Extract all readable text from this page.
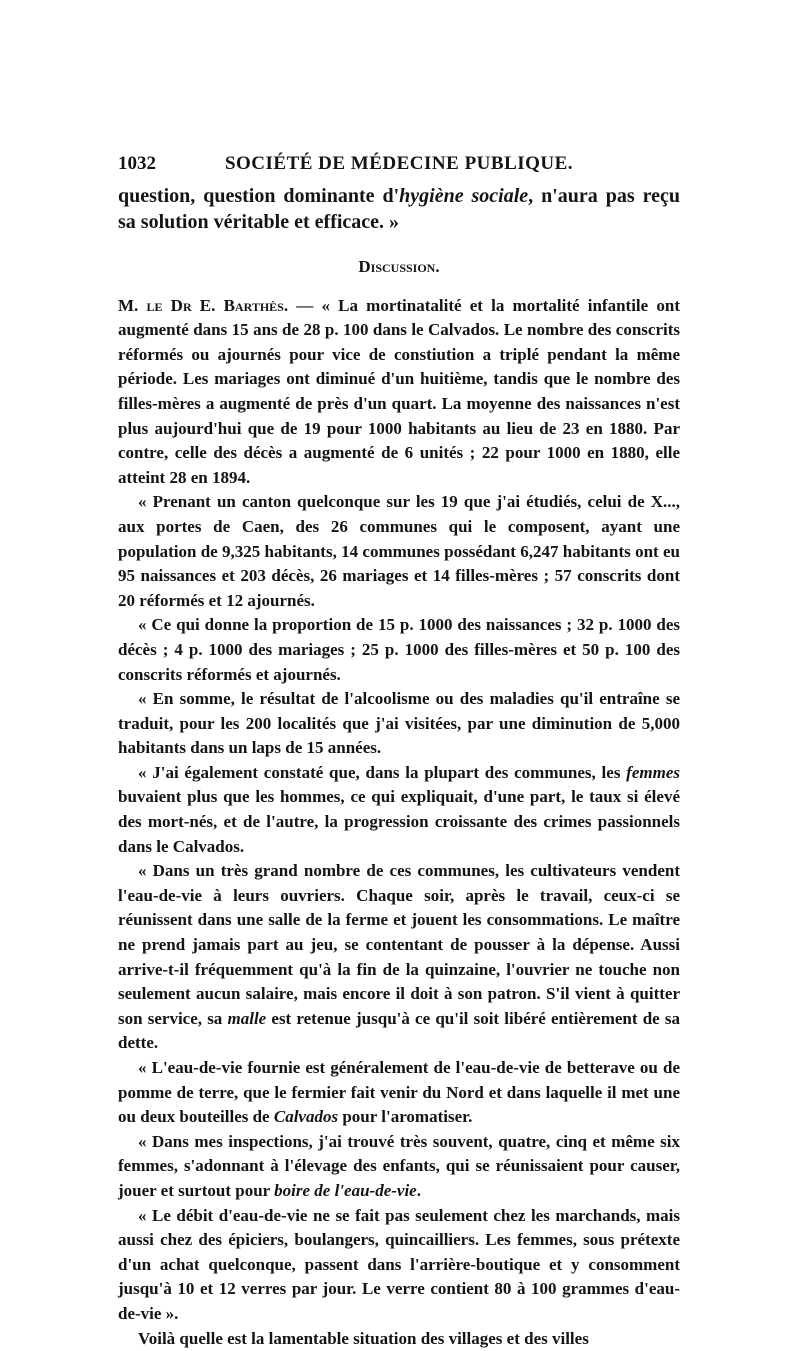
1032	SOCIÉTÉ DE MÉDECINE PUBLIQUE.

question, question dominante d'hygiène sociale, n'aura pas reçu sa solution véritable et efficace. »

Discussion.

M. le Dr E. Barthès. — « La mortinatalité et la mortalité infantile ont augmenté dans 15 ans de 28 p. 100 dans le Calvados. Le nombre des conscrits réformés ou ajournés pour vice de constiution a triplé pendant la même période. Les mariages ont diminué d'un huitième, tandis que le nombre des filles-mères a augmenté de près d'un quart. La moyenne des naissances n'est plus aujourd'hui que de 19 pour 1000 habitants au lieu de 23 en 1880. Par contre, celle des décès a augmenté de 6 unités ; 22 pour 1000 en 1880, elle atteint 28 en 1894.

« Prenant un canton quelconque sur les 19 que j'ai étudiés, celui de X..., aux portes de Caen, des 26 communes qui le composent, ayant une population de 9,325 habitants, 14 communes possédant 6,247 habitants ont eu 95 naissances et 203 décès, 26 mariages et 14 filles-mères ; 57 conscrits dont 20 réformés et 12 ajournés.

« Ce qui donne la proportion de 15 p. 1000 des naissances ; 32 p. 1000 des décès ; 4 p. 1000 des mariages ; 25 p. 1000 des filles-mères et 50 p. 100 des conscrits réformés et ajournés.

« En somme, le résultat de l'alcoolisme ou des maladies qu'il entraîne se traduit, pour les 200 localités que j'ai visitées, par une diminution de 5,000 habitants dans un laps de 15 années.

« J'ai également constaté que, dans la plupart des communes, les femmes buvaient plus que les hommes, ce qui expliquait, d'une part, le taux si élevé des mort-nés, et de l'autre, la progression croissante des crimes passionnels dans le Calvados.

« Dans un très grand nombre de ces communes, les cultivateurs vendent l'eau-de-vie à leurs ouvriers. Chaque soir, après le travail, ceux-ci se réunissent dans une salle de la ferme et jouent les consommations. Le maître ne prend jamais part au jeu, se contentant de pousser à la dépense. Aussi arrive-t-il fréquemment qu'à la fin de la quinzaine, l'ouvrier ne touche non seulement aucun salaire, mais encore il doit à son patron. S'il vient à quitter son service, sa malle est retenue jusqu'à ce qu'il soit libéré entièrement de sa dette.

« L'eau-de-vie fournie est généralement de l'eau-de-vie de betterave ou de pomme de terre, que le fermier fait venir du Nord et dans laquelle il met une ou deux bouteilles de Calvados pour l'aromatiser.

« Dans mes inspections, j'ai trouvé très souvent, quatre, cinq et même six femmes, s'adonnant à l'élevage des enfants, qui se réunissaient pour causer, jouer et surtout pour boire de l'eau-de-vie.

« Le débit d'eau-de-vie ne se fait pas seulement chez les marchands, mais aussi chez des épiciers, boulangers, quincailliers. Les femmes, sous prétexte d'un achat quelconque, passent dans l'arrière-boutique et y consomment jusqu'à 10 et 12 verres par jour. Le verre contient 80 à 100 grammes d'eau-de-vie ».

Voilà quelle est la lamentable situation des villages et des villes
